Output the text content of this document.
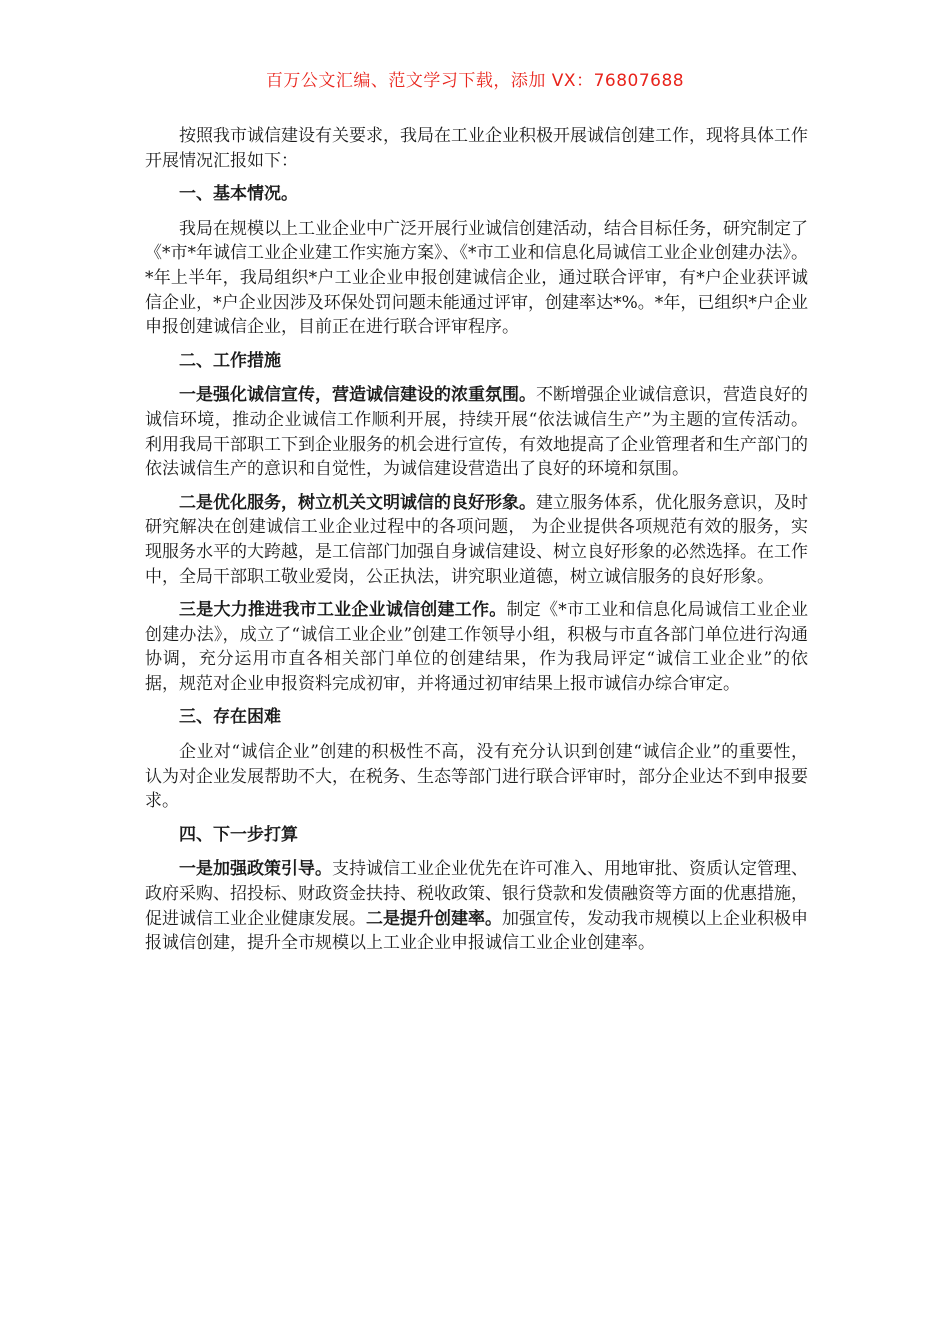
百万公文汇编、范文学习下载，添加 VX：76807688

按照我市诚信建设有关要求，我局在工业企业积极开展诚信创建工作，现将具体工作开展情况汇报如下：

一、基本情况。

我局在规模以上工业企业中广泛开展行业诚信创建活动，结合目标任务，研究制定了《*市*年诚信工业企业建工作实施方案》、《*市工业和信息化局诚信工业企业创建办法》。*年上半年，我局组织*户工业企业申报创建诚信企业，通过联合评审，有*户企业获评诚信企业，*户企业因涉及环保处罚问题未能通过评审，创建率达*%。*年，已组织*户企业申报创建诚信企业，目前正在进行联合评审程序。

二、工作措施

一是强化诚信宣传，营造诚信建设的浓重氛围。不断增强企业诚信意识，营造良好的诚信环境，推动企业诚信工作顺利开展，持续开展“依法诚信生产”为主题的宣传活动。利用我局干部职工下到企业服务的机会进行宣传，有效地提高了企业管理者和生产部门的依法诚信生产的意识和自觉性，为诚信建设营造出了良好的环境和氛围。

二是优化服务，树立机关文明诚信的良好形象。建立服务体系，优化服务意识，及时研究解决在创建诚信工业企业过程中的各项问题， 为企业提供各项规范有效的服务，实现服务水平的大跨越，是工信部门加强自身诚信建设、树立良好形象的必然选择。在工作中，全局干部职工敬业爱岗，公正执法，讲究职业道德，树立诚信服务的良好形象。

三是大力推进我市工业企业诚信创建工作。制定《*市工业和信息化局诚信工业企业创建办法》，成立了“诚信工业企业”创建工作领导小组，积极与市直各部门单位进行沟通协调，充分运用市直各相关部门单位的创建结果，作为我局评定“诚信工业企业”的依据，规范对企业申报资料完成初审，并将通过初审结果上报市诚信办综合审定。

三、存在困难

企业对“诚信企业”创建的积极性不高，没有充分认识到创建“诚信企业”的重要性，认为对企业发展帮助不大，在税务、生态等部门进行联合评审时，部分企业达不到申报要求。

四、下一步打算

一是加强政策引导。支持诚信工业企业优先在许可准入、用地审批、资质认定管理、政府采购、招投标、财政资金扶持、税收政策、银行贷款和发债融资等方面的优惠措施，促进诚信工业企业健康发展。二是提升创建率。加强宣传，发动我市规模以上企业积极申报诚信创建，提升全市规模以上工业企业申报诚信工业企业创建率。
